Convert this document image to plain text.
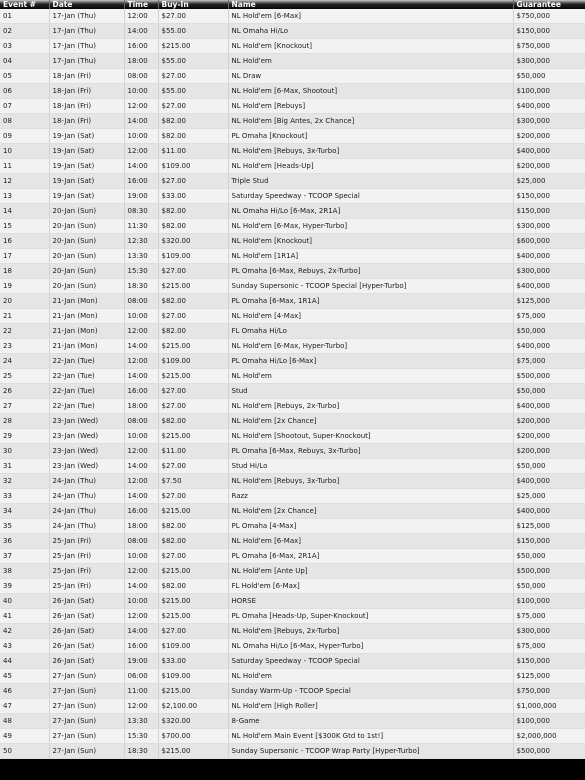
Event #	Date	Time	Buy-In	Name	Guarantee
01	17-Jan (Thu)	12:00	$27.00	NL Hold'em [6-Max]	$750,000
02	17-Jan (Thu)	14:00	$55.00	NL Omaha Hi/Lo	$150,000
03	17-Jan (Thu)	16:00	$215.00	NL Hold'em [Knockout]	$750,000
04	17-Jan (Thu)	18:00	$55.00	NL Hold'em	$300,000
05	18-Jan (Fri)	08:00	$27.00	NL Draw	$50,000
06	18-Jan (Fri)	10:00	$55.00	NL Hold'em [6-Max, Shootout]	$100,000
07	18-Jan (Fri)	12:00	$27.00	NL Hold'em [Rebuys]	$400,000
08	18-Jan (Fri)	14:00	$82.00	NL Hold'em [Big Antes, 2x Chance]	$300,000
09	19-Jan (Sat)	10:00	$82.00	PL Omaha [Knockout]	$200,000
10	19-Jan (Sat)	12:00	$11.00	NL Hold'em [Rebuys, 3x-Turbo]	$400,000
11	19-Jan (Sat)	14:00	$109.00	NL Hold'em [Heads-Up]	$200,000
12	19-Jan (Sat)	16:00	$27.00	Triple Stud	$25,000
13	19-Jan (Sat)	19:00	$33.00	Saturday Speedway - TCOOP Special	$150,000
14	20-Jan (Sun)	08:30	$82.00	NL Omaha Hi/Lo [6-Max, 2R1A]	$150,000
15	20-Jan (Sun)	11:30	$82.00	NL Hold'em [6-Max, Hyper-Turbo]	$300,000
16	20-Jan (Sun)	12:30	$320.00	NL Hold'em [Knockout]	$600,000
17	20-Jan (Sun)	13:30	$109.00	NL Hold'em [1R1A]	$400,000
18	20-Jan (Sun)	15:30	$27.00	PL Omaha [6-Max, Rebuys, 2x-Turbo]	$300,000
19	20-Jan (Sun)	18:30	$215.00	Sunday Supersonic - TCOOP Special [Hyper-Turbo]	$400,000
20	21-Jan (Mon)	08:00	$82.00	PL Omaha [6-Max, 1R1A]	$125,000
21	21-Jan (Mon)	10:00	$27.00	NL Hold'em [4-Max]	$75,000
22	21-Jan (Mon)	12:00	$82.00	FL Omaha Hi/Lo	$50,000
23	21-Jan (Mon)	14:00	$215.00	NL Hold'em [6-Max, Hyper-Turbo]	$400,000
24	22-Jan (Tue)	12:00	$109.00	PL Omaha Hi/Lo [6-Max]	$75,000
25	22-Jan (Tue)	14:00	$215.00	NL Hold'em	$500,000
26	22-Jan (Tue)	16:00	$27.00	Stud	$50,000
27	22-Jan (Tue)	18:00	$27.00	NL Hold'em [Rebuys, 2x-Turbo]	$400,000
28	23-Jan (Wed)	08:00	$82.00	NL Hold'em [2x Chance]	$200,000
29	23-Jan (Wed)	10:00	$215.00	NL Hold'em [Shootout, Super-Knockout]	$200,000
30	23-Jan (Wed)	12:00	$11.00	PL Omaha [6-Max, Rebuys, 3x-Turbo]	$200,000
31	23-Jan (Wed)	14:00	$27.00	Stud Hi/Lo	$50,000
32	24-Jan (Thu)	12:00	$7.50	NL Hold'em [Rebuys, 3x-Turbo]	$400,000
33	24-Jan (Thu)	14:00	$27.00	Razz	$25,000
34	24-Jan (Thu)	16:00	$215.00	NL Hold'em [2x Chance]	$400,000
35	24-Jan (Thu)	18:00	$82.00	PL Omaha [4-Max]	$125,000
36	25-Jan (Fri)	08:00	$82.00	NL Hold'em [6-Max]	$150,000
37	25-Jan (Fri)	10:00	$27.00	PL Omaha [6-Max, 2R1A]	$50,000
38	25-Jan (Fri)	12:00	$215.00	NL Hold'em [Ante Up]	$500,000
39	25-Jan (Fri)	14:00	$82.00	FL Hold'em [6-Max]	$50,000
40	26-Jan (Sat)	10:00	$215.00	HORSE	$100,000
41	26-Jan (Sat)	12:00	$215.00	PL Omaha [Heads-Up, Super-Knockout]	$75,000
42	26-Jan (Sat)	14:00	$27.00	NL Hold'em [Rebuys, 2x-Turbo]	$300,000
43	26-Jan (Sat)	16:00	$109.00	NL Omaha Hi/Lo [6-Max, Hyper-Turbo]	$75,000
44	26-Jan (Sat)	19:00	$33.00	Saturday Speedway - TCOOP Special	$150,000
45	27-Jan (Sun)	06:00	$109.00	NL Hold'em	$125,000
46	27-Jan (Sun)	11:00	$215.00	Sunday Warm-Up - TCOOP Special	$750,000
47	27-Jan (Sun)	12:00	$2,100.00	NL Hold'em [High Roller]	$1,000,000
48	27-Jan (Sun)	13:30	$320.00	8-Game	$100,000
49	27-Jan (Sun)	15:30	$700.00	NL Hold'em Main Event [$300K Gtd to 1st!]	$2,000,000
50	27-Jan (Sun)	18:30	$215.00	Sunday Supersonic - TCOOP Wrap Party [Hyper-Turbo]	$500,000
